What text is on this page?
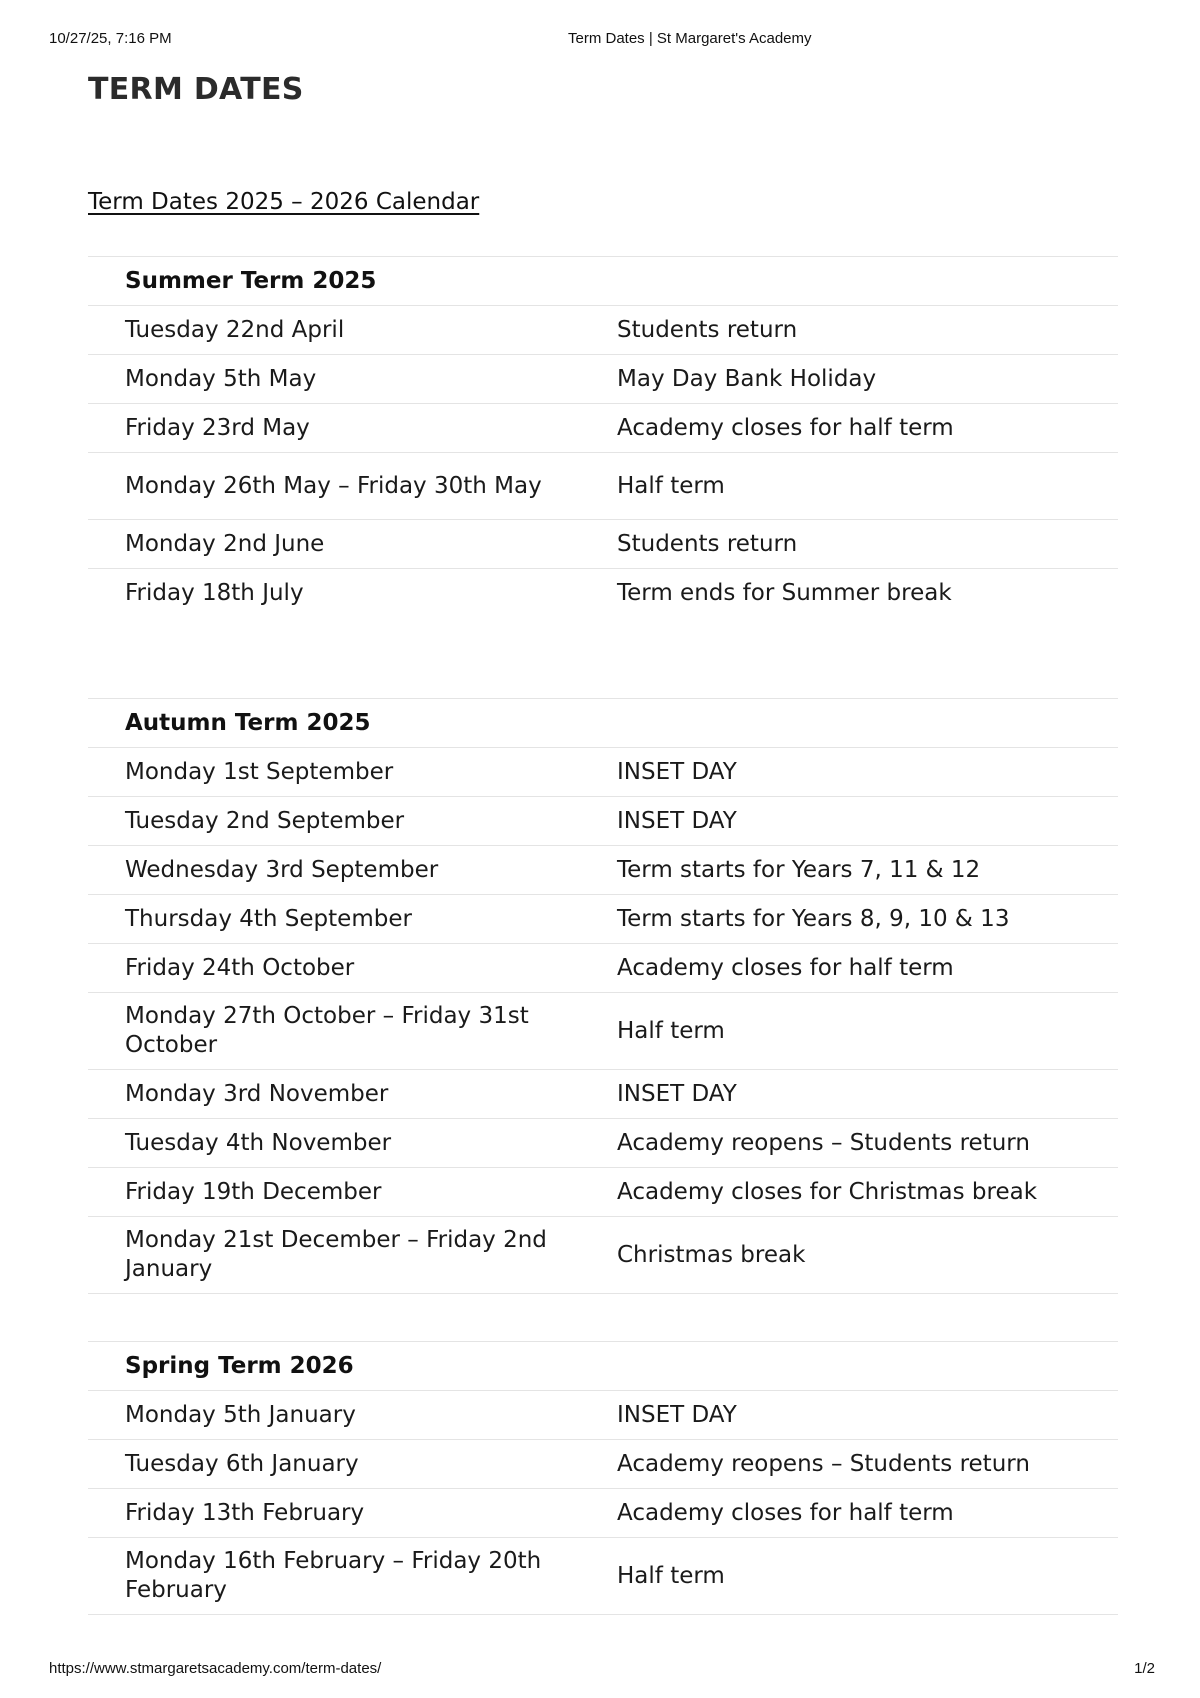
10/27/25, 7:16 PM	Term Dates | St Margaret's Academy
TERM DATES
Term Dates 2025 – 2026 Calendar
Summer Term 2025	
Tuesday 22nd April	Students return
Monday 5th May	May Day Bank Holiday
Friday 23rd May	Academy closes for half term
Monday 26th May – Friday 30th May	Half term
Monday 2nd June	Students return
Friday 18th July	Term ends for Summer break
Autumn Term 2025	
Monday 1st September	INSET DAY
Tuesday 2nd September	INSET DAY
Wednesday 3rd September	Term starts for Years 7, 11 & 12
Thursday 4th September	Term starts for Years 8, 9, 10 & 13
Friday 24th October	Academy closes for half term
Monday 27th October – Friday 31st October	Half term
Monday 3rd November	INSET DAY
Tuesday 4th November	Academy reopens – Students return
Friday 19th December	Academy closes for Christmas break
Monday 21st December – Friday 2nd January	Christmas break
Spring Term 2026	
Monday 5th January	INSET DAY
Tuesday 6th January	Academy reopens – Students return
Friday 13th February	Academy closes for half term
Monday 16th February – Friday 20th February	Half term
https://www.stmargaretsacademy.com/term-dates/	1/2
